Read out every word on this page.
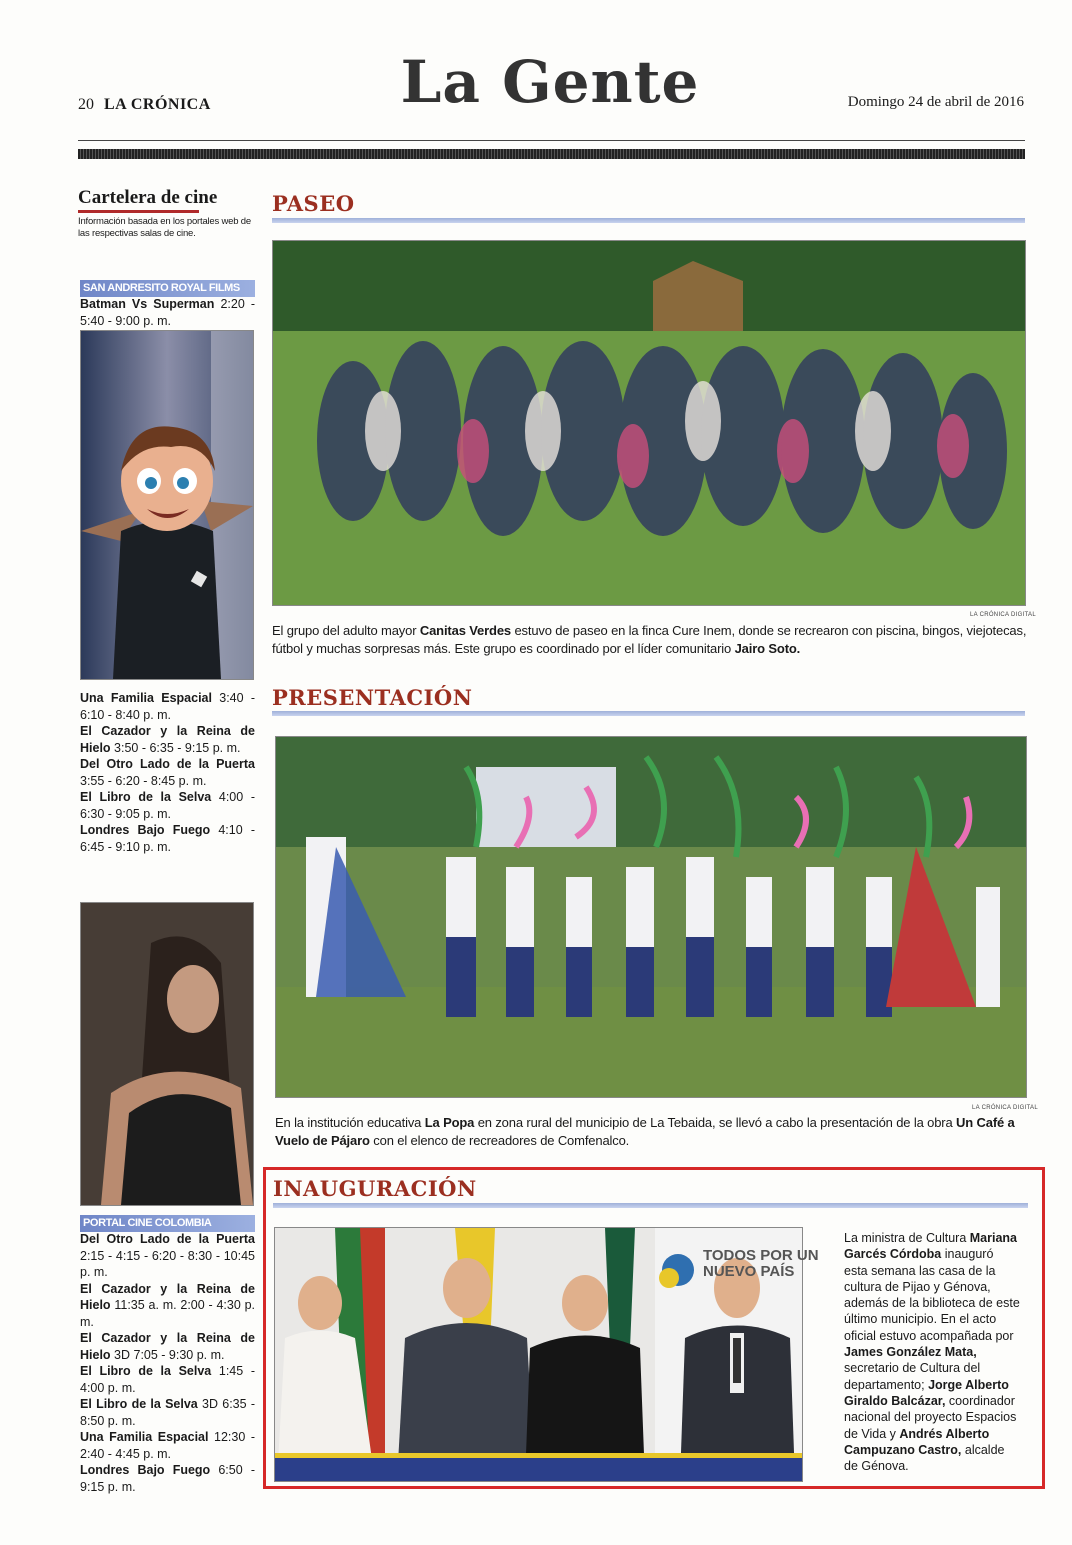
20 LA CRÓNICA	La Gente	Domingo 24 de abril de 2016
Cartelera de cine
Información basada en los portales web de las respectivas salas de cine.
SAN ANDRESITO ROYAL FILMS

Batman Vs Superman 2:20 - 5:40 - 9:00 p. m.

Una Familia Espacial 3:40 - 6:10 - 8:40 p. m.

El Cazador y la Reina de Hielo 3:50 - 6:35 - 9:15 p. m.

Del Otro Lado de la Puerta 3:55 - 6:20 - 8:45 p. m.

El Libro de la Selva 4:00 - 6:30 - 9:05 p. m.

Londres Bajo Fuego 4:10 - 6:45 - 9:10 p. m.

PORTAL CINE COLOMBIA

Del Otro Lado de la Puerta 2:15 - 4:15 - 6:20 - 8:30 - 10:45 p. m.

El Cazador y la Reina de Hielo 11:35 a. m. 2:00 - 4:30 p. m.

El Cazador y la Reina de Hielo 3D 7:05 - 9:30 p. m.

El Libro de la Selva 1:45 - 4:00 p. m.

El Libro de la Selva 3D 6:35 - 8:50 p. m.

Una Familia Espacial 12:30 - 2:40 - 4:45 p. m.

Londres Bajo Fuego 6:50 - 9:15 p. m.

PASEO
LA CRÓNICA DIGITAL
El grupo del adulto mayor Canitas Verdes estuvo de paseo en la finca Cure Inem, donde se recrearon con piscina, bingos, viejotecas, fútbol y muchas sorpresas más. Este grupo es coordinado por el líder comunitario Jairo Soto.
PRESENTACIÓN
LA CRÓNICA DIGITAL
En la institución educativa La Popa en zona rural del municipio de La Tebaida, se llevó a cabo la presentación de la obra Un Café a Vuelo de Pájaro con el elenco de recreadores de Comfenalco.
INAUGURACIÓN
TODOS POR UN
NUEVO PAÍS
La ministra de Cultura Mariana Garcés Córdoba inauguró esta semana las casa de la cultura de Pijao y Génova, además de la biblioteca de este último municipio. En el acto oficial estuvo acompañada por James González Mata, secretario de Cultura del departamento; Jorge Alberto Giraldo Balcázar, coordinador nacional del proyecto Espacios de Vida y Andrés Alberto Campuzano Castro, alcalde de Génova.
